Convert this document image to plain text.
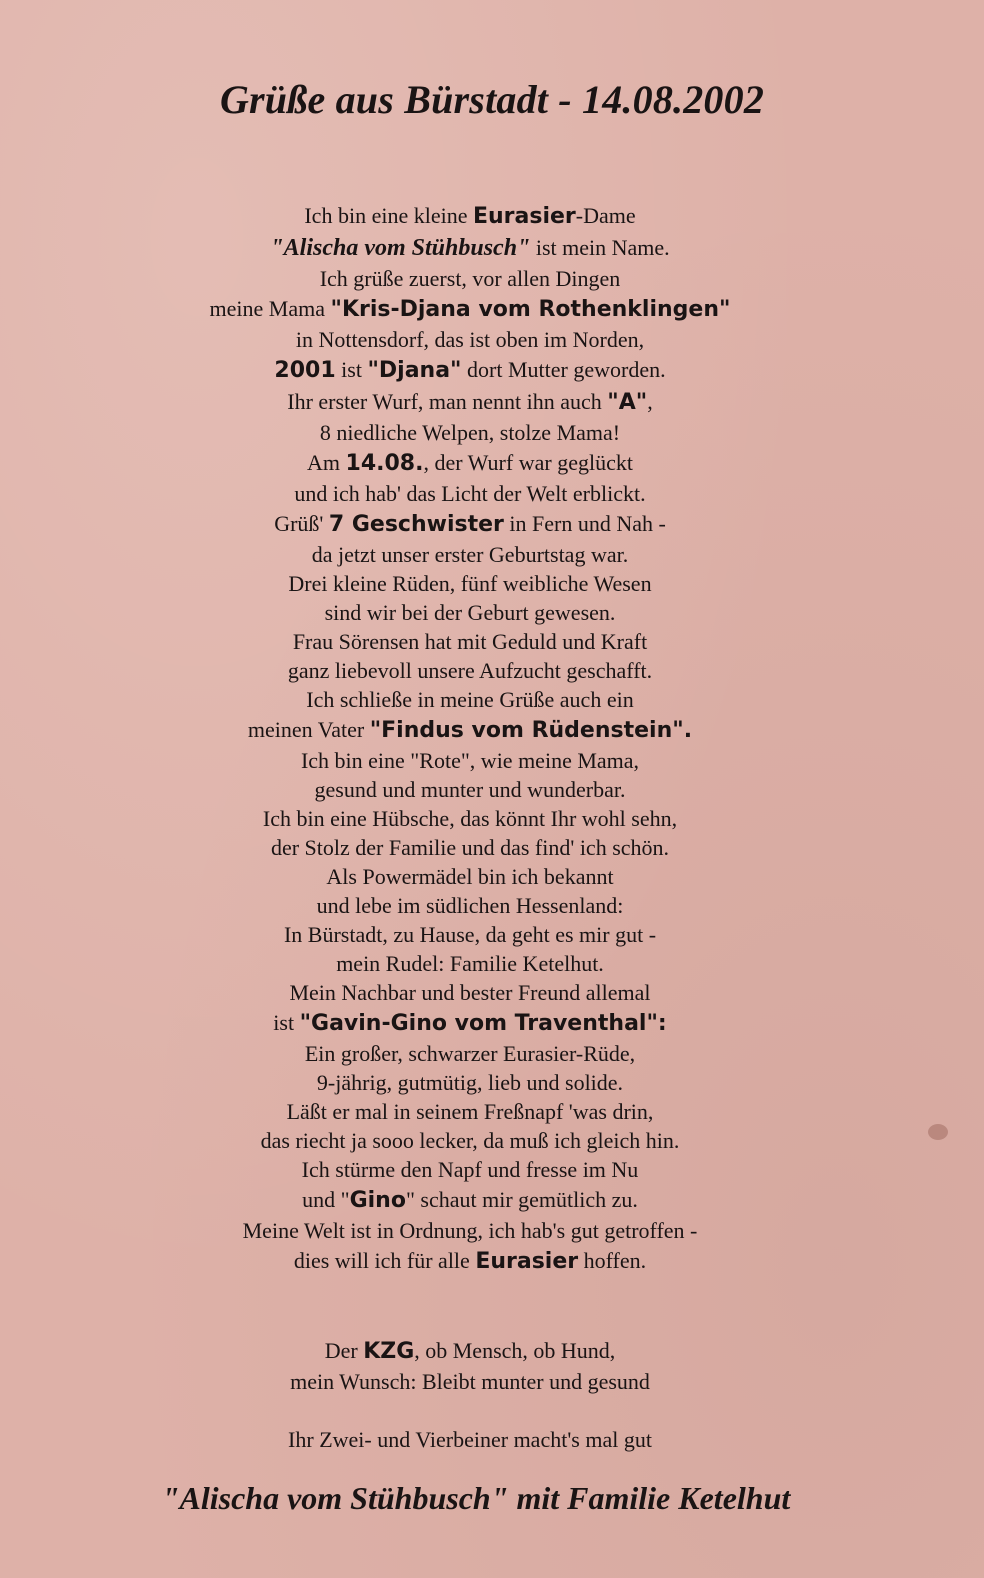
Grüße aus Bürstadt - 14.08.2002
Ich bin eine kleine Eurasier-Dame
"Alischa vom Stühbusch" ist mein Name.
Ich grüße zuerst, vor allen Dingen
meine Mama "Kris-Djana vom Rothenklingen"
in Nottensdorf, das ist oben im Norden,
2001 ist "Djana" dort Mutter geworden.
Ihr erster Wurf, man nennt ihn auch "A",
8 niedliche Welpen, stolze Mama!
Am 14.08., der Wurf war geglückt
und ich hab' das Licht der Welt erblickt.
Grüß' 7 Geschwister in Fern und Nah -
da jetzt unser erster Geburtstag war.
Drei kleine Rüden, fünf weibliche Wesen
sind wir bei der Geburt gewesen.
Frau Sörensen hat mit Geduld und Kraft
ganz liebevoll unsere Aufzucht geschafft.
Ich schließe in meine Grüße auch ein
meinen Vater "Findus vom Rüdenstein".
Ich bin eine "Rote", wie meine Mama,
gesund und munter und wunderbar.
Ich bin eine Hübsche, das könnt Ihr wohl sehn,
der Stolz der Familie und das find' ich schön.
Als Powermädel bin ich bekannt
und lebe im südlichen Hessenland:
In Bürstadt, zu Hause, da geht es mir gut -
mein Rudel: Familie Ketelhut.
Mein Nachbar und bester Freund allemal
ist "Gavin-Gino vom Traventhal":
Ein großer, schwarzer Eurasier-Rüde,
9-jährig, gutmütig, lieb und solide.
Läßt er mal in seinem Freßnapf 'was drin,
das riecht ja sooo lecker, da muß ich gleich hin.
Ich stürme den Napf und fresse im Nu
und "Gino" schaut mir gemütlich zu.
Meine Welt ist in Ordnung, ich hab's gut getroffen -
dies will ich für alle Eurasier hoffen.
Der KZG, ob Mensch, ob Hund,
mein Wunsch: Bleibt munter und gesund
Ihr Zwei- und Vierbeiner macht's mal gut
"Alischa vom Stühbusch" mit Familie Ketelhut
